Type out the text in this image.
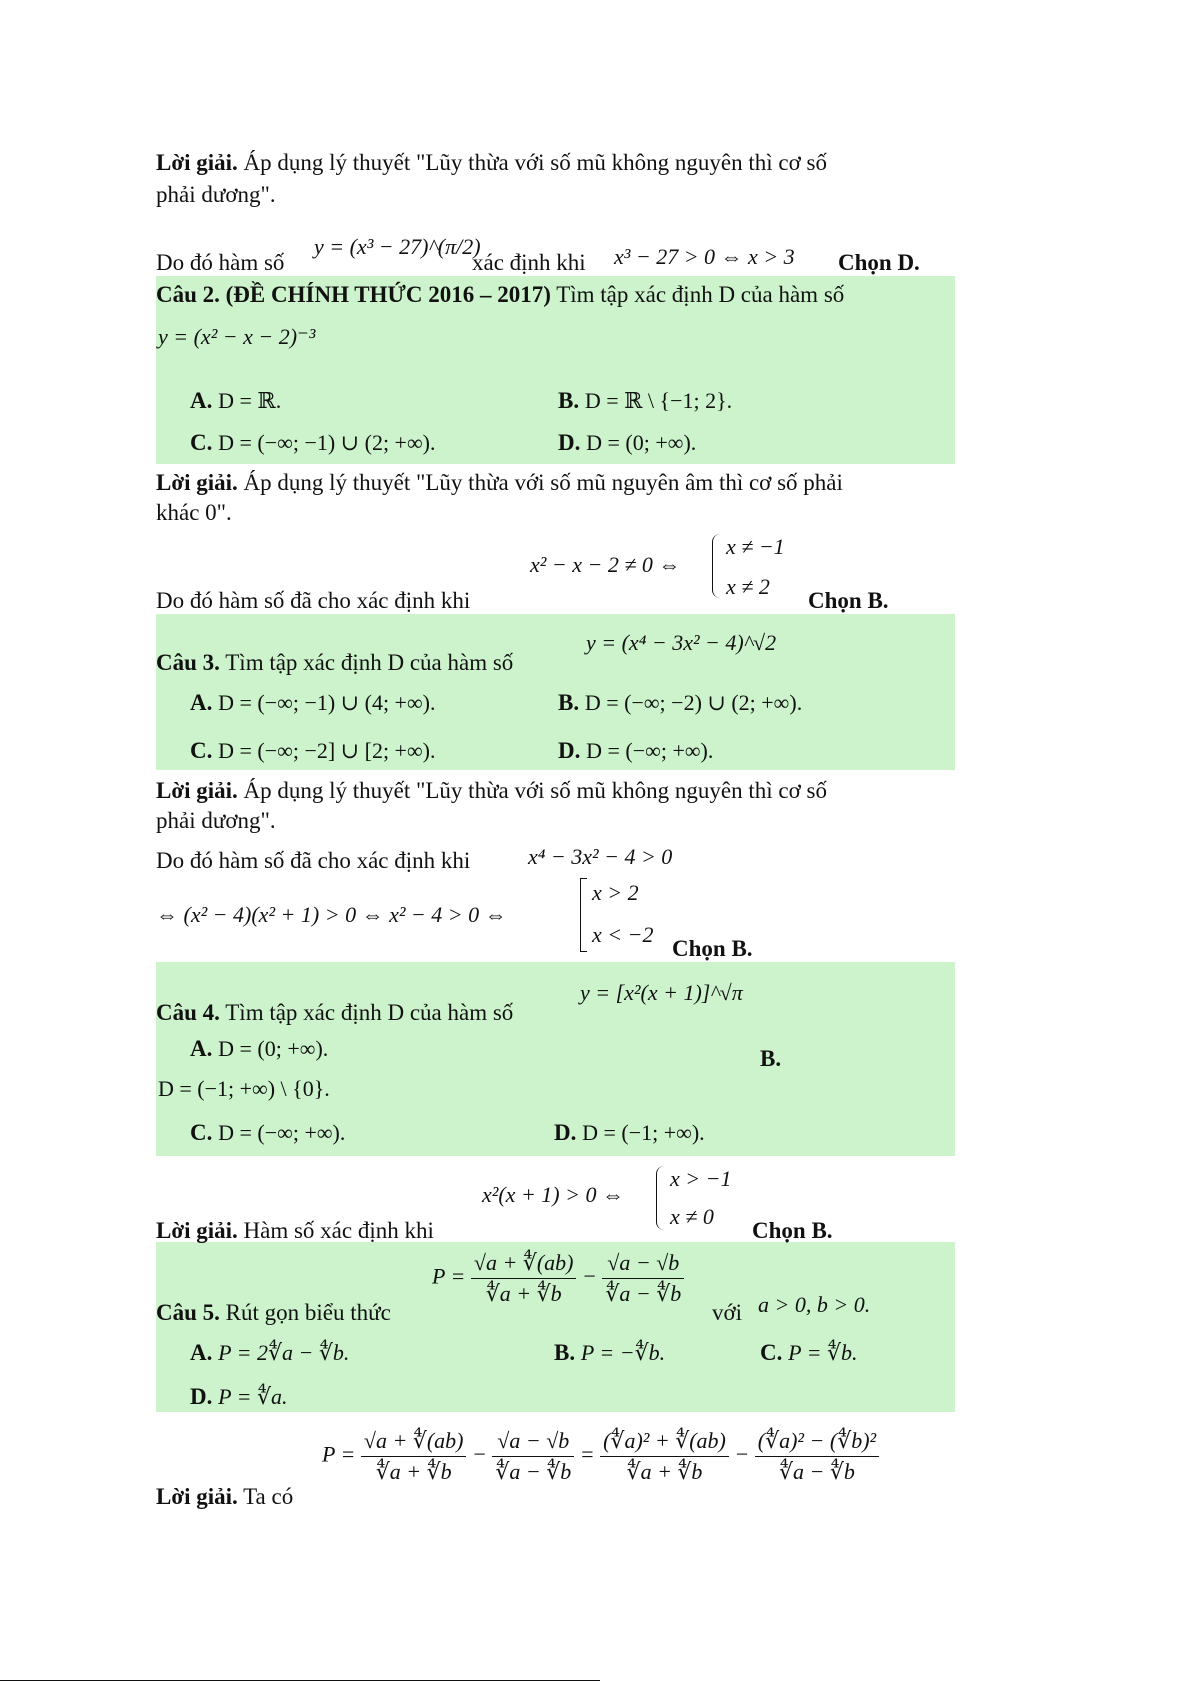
Lời giải. Áp dụng lý thuyết "Lũy thừa với số mũ không nguyên thì cơ số
phải dương".
Do đó hàm số
y = (x³ − 27)^(π/2)
xác định khi x³ − 27 > 0 ⇔ x > 3 Chọn D.
Câu 2. (ĐỀ CHÍNH THỨC 2016 – 2017) Tìm tập xác định D của hàm số
y = (x² − x − 2)⁻³
A. D = ℝ.	B. D = ℝ \ {−1; 2}.
C. D = (−∞; −1) ∪ (2; +∞).	D. D = (0; +∞).
Lời giải. Áp dụng lý thuyết "Lũy thừa với số mũ nguyên âm thì cơ số phải
khác 0".
Do đó hàm số đã cho xác định khi
x² − x − 2 ≠ 0 ⇔
x ≠ −1
x ≠ 2
Chọn B.
Câu 3. Tìm tập xác định D của hàm số
y = (x⁴ − 3x² − 4)^√2
A. D = (−∞; −1) ∪ (4; +∞).	B. D = (−∞; −2) ∪ (2; +∞).
C. D = (−∞; −2] ∪ [2; +∞).	D. D = (−∞; +∞).
Lời giải. Áp dụng lý thuyết "Lũy thừa với số mũ không nguyên thì cơ số
phải dương".
Do đó hàm số đã cho xác định khi	x⁴ − 3x² − 4 > 0
⇔ (x² − 4)(x² + 1) > 0 ⇔ x² − 4 > 0 ⇔
x > 2
x < −2
Chọn B.
Câu 4. Tìm tập xác định D của hàm số
y = [x²(x + 1)]^√π
A. D = (0; +∞).	B.
D = (−1; +∞) \ {0}.
C. D = (−∞; +∞).	D. D = (−1; +∞).
Lời giải. Hàm số xác định khi
x²(x + 1) > 0 ⇔
x > −1
x ≠ 0
Chọn B.
Câu 5. Rút gọn biểu thức
$P = \frac{√a + ∜(ab)}{∜a + ∜b} - \frac{√a - √b}{∜a - ∜b}$
với a > 0, b > 0.
A. P = 2∜a − ∜b.	B. P = −∜b.	C. P = ∜b.
D. P = ∜a.
Lời giải. Ta có
$P = \frac{√a + ∜(ab)}{∜a + ∜b} - \frac{√a - √b}{∜a - ∜b} = \frac{\text{(∜a)² + ∜(ab)}}{∜a + ∜b} - \frac{\text{(∜a)² − (∜b)²}}{∜a - ∜b}$
